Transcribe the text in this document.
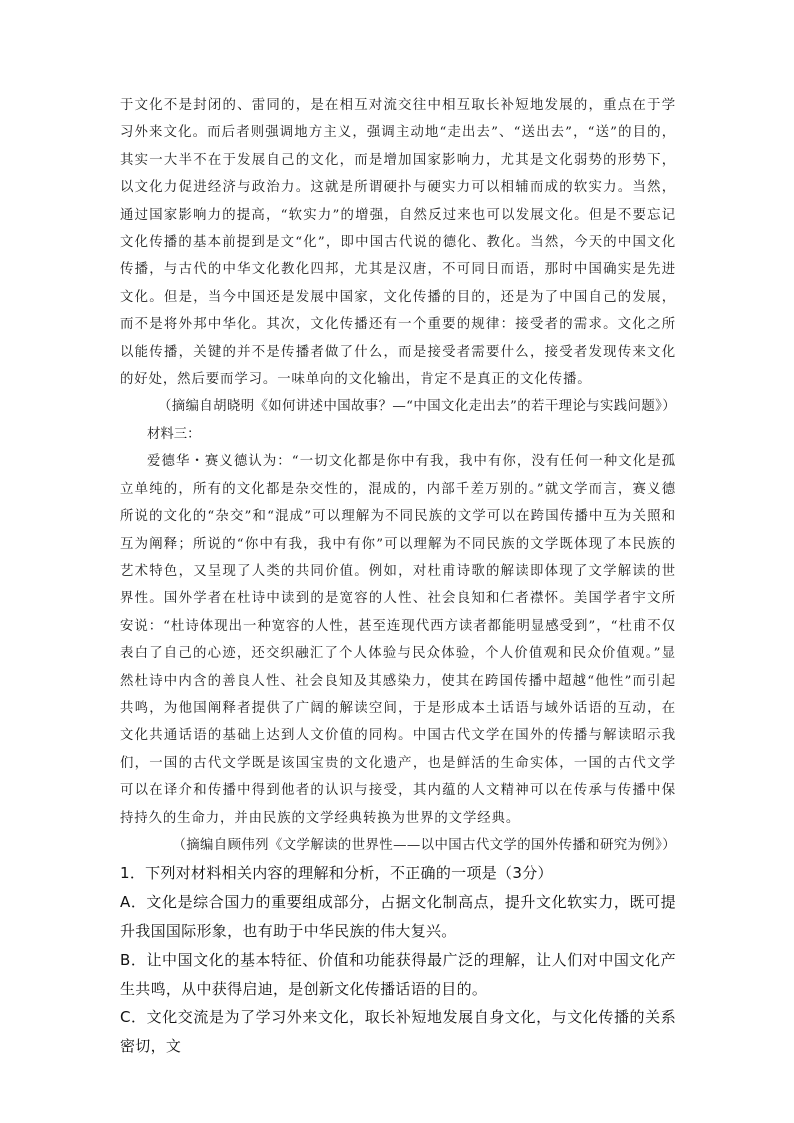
于文化不是封闭的、雷同的，是在相互对流交往中相互取长补短地发展的，重点在于学习外来文化。而后者则强调地方主义，强调主动地“走出去”、“送出去”，“送”的目的，其实一大半不在于发展自己的文化，而是增加国家影响力，尤其是文化弱势的形势下，以文化力促进经济与政治力。这就是所谓硬扑与硬实力可以相辅而成的软实力。当然，通过国家影响力的提高，“软实力”的增强，自然反过来也可以发展文化。但是不要忘记文化传播的基本前提到是文“化”，即中国古代说的德化、教化。当然，今天的中国文化传播，与古代的中华文化教化四邦，尤其是汉唐，不可同日而语，那时中国确实是先进文化。但是，当今中国还是发展中国家，文化传播的目的，还是为了中国自己的发展，而不是将外邦中华化。其次，文化传播还有一个重要的规律：接受者的需求。文化之所以能传播，关键的并不是传播者做了什么，而是接受者需要什么，接受者发现传来文化的好处，然后要而学习。一味单向的文化输出，肯定不是真正的文化传播。

（摘编自胡晓明《如何讲述中国故事？—“中国文化走出去”的若干理论与实践问题》）

材料三：

爱德华・赛义德认为：“一切文化都是你中有我，我中有你，没有任何一种文化是孤立单纯的，所有的文化都是杂交性的，混成的，内部千差万别的。”就文学而言，赛义德所说的文化的“杂交”和“混成”可以理解为不同民族的文学可以在跨国传播中互为关照和互为阐释；所说的“你中有我，我中有你”可以理解为不同民族的文学既体现了本民族的艺术特色，又呈现了人类的共同价值。例如，对杜甫诗歌的解读即体现了文学解读的世界性。国外学者在杜诗中读到的是宽容的人性、社会良知和仁者襟怀。美国学者宇文所安说：“杜诗体现出一种宽容的人性，甚至连现代西方读者都能明显感受到”，“杜甫不仅表白了自己的心迹，还交织融汇了个人体验与民众体验，个人价值观和民众价值观。”显然杜诗中内含的善良人性、社会良知及其感染力，使其在跨国传播中超越“他性”而引起共鸣，为他国阐释者提供了广阔的解读空间，于是形成本土话语与域外话语的互动，在文化共通话语的基础上达到人文价值的同构。中国古代文学在国外的传播与解读昭示我们，一国的古代文学既是该国宝贵的文化遗产，也是鲜活的生命实体，一国的古代文学可以在译介和传播中得到他者的认识与接受，其内蕴的人文精神可以在传承与传播中保持持久的生命力，并由民族的文学经典转换为世界的文学经典。

（摘编自顾伟列《文学解读的世界性——以中国古代文学的国外传播和研究为例》）

1．下列对材料相关内容的理解和分析，不正确的一项是（3分）

A．文化是综合国力的重要组成部分，占据文化制高点，提升文化软实力，既可提升我国国际形象，也有助于中华民族的伟大复兴。

B．让中国文化的基本特征、价值和功能获得最广泛的理解，让人们对中国文化产生共鸣，从中获得启迪，是创新文化传播话语的目的。

C．文化交流是为了学习外来文化，取长补短地发展自身文化，与文化传播的关系密切，文
